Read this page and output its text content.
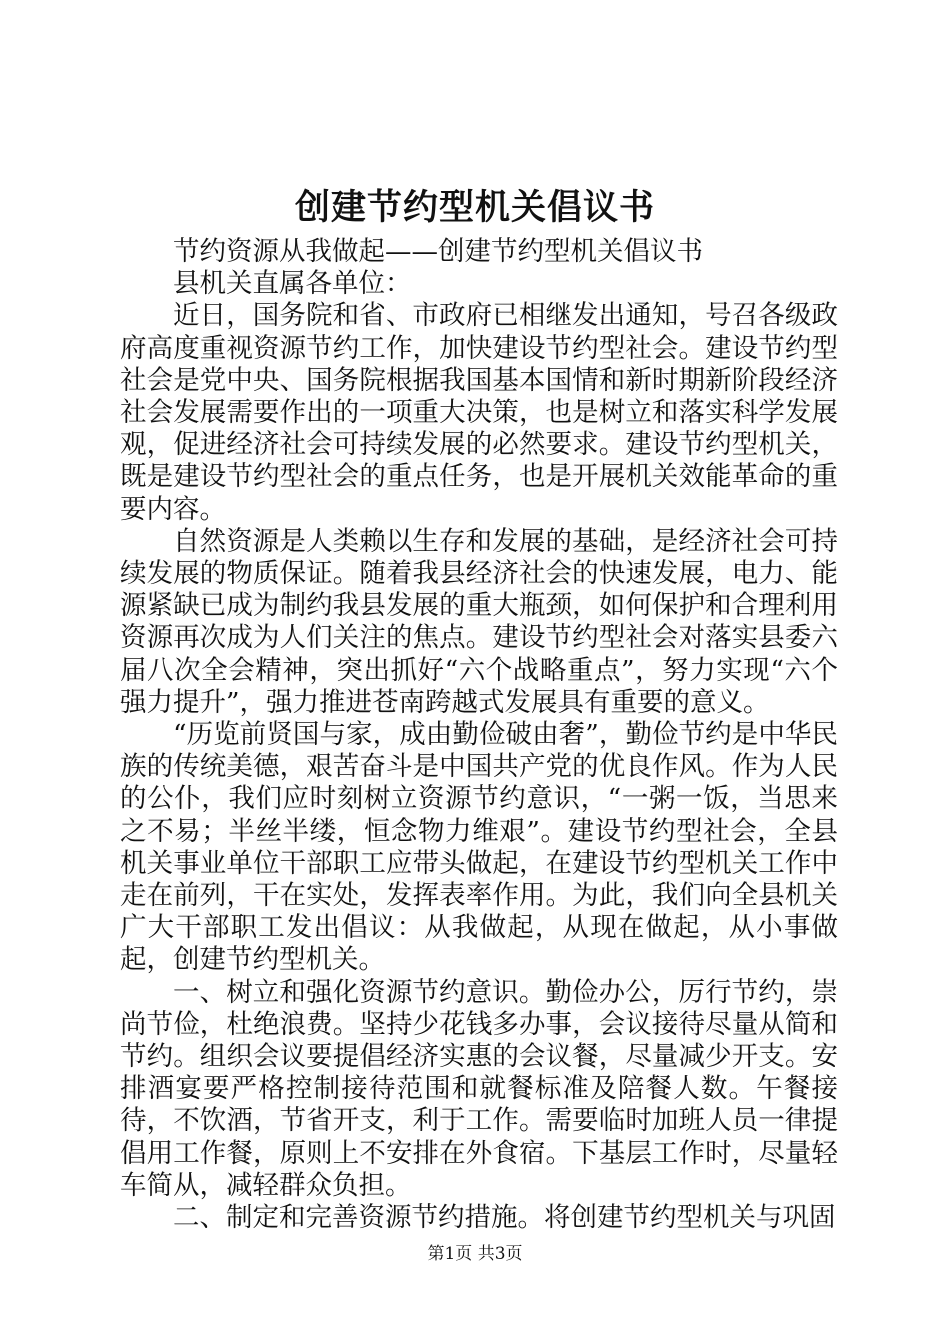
创建节约型机关倡议书

节约资源从我做起——创建节约型机关倡议书

县机关直属各单位：

近日，国务院和省、市政府已相继发出通知，号召各级政府高度重视资源节约工作，加快建设节约型社会。建设节约型社会是党中央、国务院根据我国基本国情和新时期新阶段经济社会发展需要作出的一项重大决策，也是树立和落实科学发展观，促进经济社会可持续发展的必然要求。建设节约型机关，既是建设节约型社会的重点任务，也是开展机关效能革命的重要内容。

自然资源是人类赖以生存和发展的基础，是经济社会可持续发展的物质保证。随着我县经济社会的快速发展，电力、能源紧缺已成为制约我县发展的重大瓶颈，如何保护和合理利用资源再次成为人们关注的焦点。建设节约型社会对落实县委六届八次全会精神，突出抓好“六个战略重点”，努力实现“六个强力提升”，强力推进苍南跨越式发展具有重要的意义。

“历览前贤国与家，成由勤俭破由奢”，勤俭节约是中华民族的传统美德，艰苦奋斗是中国共产党的优良作风。作为人民的公仆，我们应时刻树立资源节约意识，“一粥一饭，当思来之不易；半丝半缕，恒念物力维艰”。建设节约型社会，全县机关事业单位干部职工应带头做起，在建设节约型机关工作中走在前列，干在实处，发挥表率作用。为此，我们向全县机关广大干部职工发出倡议：从我做起，从现在做起，从小事做起，创建节约型机关。

一、树立和强化资源节约意识。勤俭办公，厉行节约，崇尚节俭，杜绝浪费。坚持少花钱多办事，会议接待尽量从简和节约。组织会议要提倡经济实惠的会议餐，尽量减少开支。安排酒宴要严格控制接待范围和就餐标准及陪餐人数。午餐接待，不饮酒，节省开支，利于工作。需要临时加班人员一律提倡用工作餐，原则上不安排在外食宿。下基层工作时，尽量轻车简从，减轻群众负担。

二、制定和完善资源节约措施。将创建节约型机关与巩固

第1页 共3页
